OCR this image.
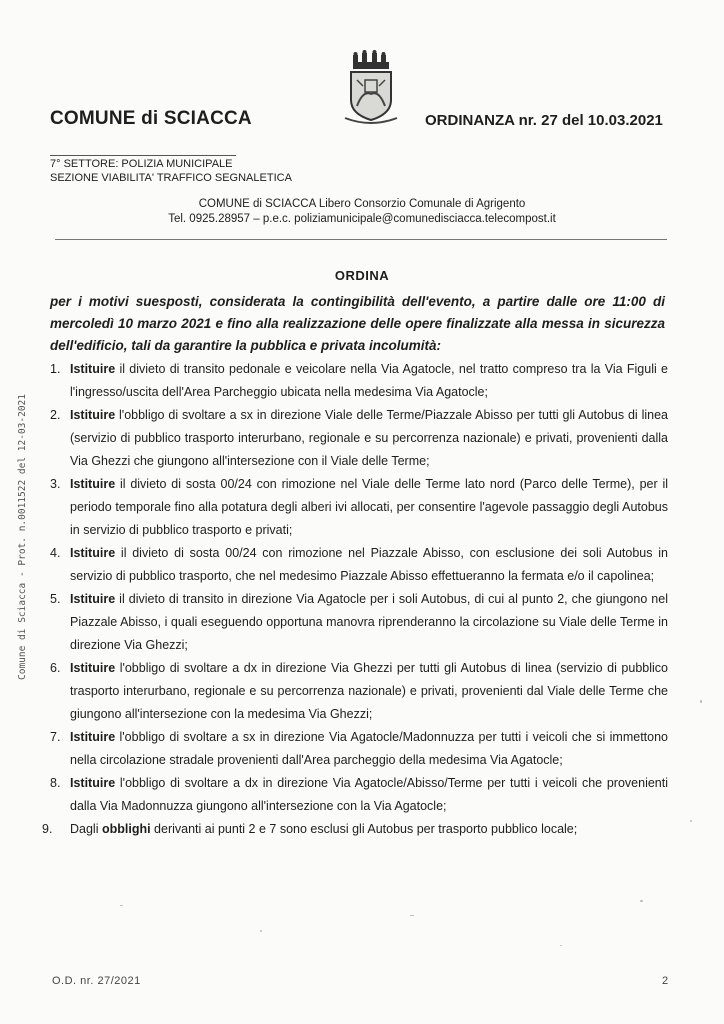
COMUNE di SCIACCA	ORDINANZA nr. 27 del 10.03.2021
7° SETTORE: POLIZIA MUNICIPALE
SEZIONE VIABILITA' TRAFFICO SEGNALETICA
COMUNE di SCIACCA Libero Consorzio Comunale di Agrigento
Tel. 0925.28957 – p.e.c. poliziamunicipale@comunedisciacca.telecompost.it
ORDINA
per i motivi suesposti, considerata la contingibilità dell'evento, a partire dalle ore 11:00 di mercoledì 10 marzo 2021 e fino alla realizzazione delle opere finalizzate alla messa in sicurezza dell'edificio, tali da garantire la pubblica e privata incolumità:
1. Istituire il divieto di transito pedonale e veicolare nella Via Agatocle, nel tratto compreso tra la Via Figuli e l'ingresso/uscita dell'Area Parcheggio ubicata nella medesima Via Agatocle;
2. Istituire l'obbligo di svoltare a sx in direzione Viale delle Terme/Piazzale Abisso per tutti gli Autobus di linea (servizio di pubblico trasporto interurbano, regionale e su percorrenza nazionale) e privati, provenienti dalla Via Ghezzi che giungono all'intersezione con il Viale delle Terme;
3. Istituire il divieto di sosta 00/24 con rimozione nel Viale delle Terme lato nord (Parco delle Terme), per il periodo temporale fino alla potatura degli alberi ivi allocati, per consentire l'agevole passaggio degli Autobus in servizio di pubblico trasporto e privati;
4. Istituire il divieto di sosta 00/24 con rimozione nel Piazzale Abisso, con esclusione dei soli Autobus in servizio di pubblico trasporto, che nel medesimo Piazzale Abisso effettueranno la fermata e/o il capolinea;
5. Istituire il divieto di transito in direzione Via Agatocle per i soli Autobus, di cui al punto 2, che giungono nel Piazzale Abisso, i quali eseguendo opportuna manovra riprenderanno la circolazione su Viale delle Terme in direzione Via Ghezzi;
6. Istituire l'obbligo di svoltare a dx in direzione Via Ghezzi per tutti gli Autobus di linea (servizio di pubblico trasporto interurbano, regionale e su percorrenza nazionale) e privati, provenienti dal Viale delle Terme che giungono all'intersezione con la medesima Via Ghezzi;
7. Istituire l'obbligo di svoltare a sx in direzione Via Agatocle/Madonnuzza per tutti i veicoli che si immettono nella circolazione stradale provenienti dall'Area parcheggio della medesima Via Agatocle;
8. Istituire l'obbligo di svoltare a dx in direzione Via Agatocle/Abisso/Terme per tutti i veicoli che provenienti dalla Via Madonnuzza giungono all'intersezione con la Via Agatocle;
9. Dagli obblighi derivanti ai punti 2 e 7 sono esclusi gli Autobus per trasporto pubblico locale;
Comune di Sciacca - Prot. n.0011522 del 12-03-2021
O.D. nr. 27/2021	2
